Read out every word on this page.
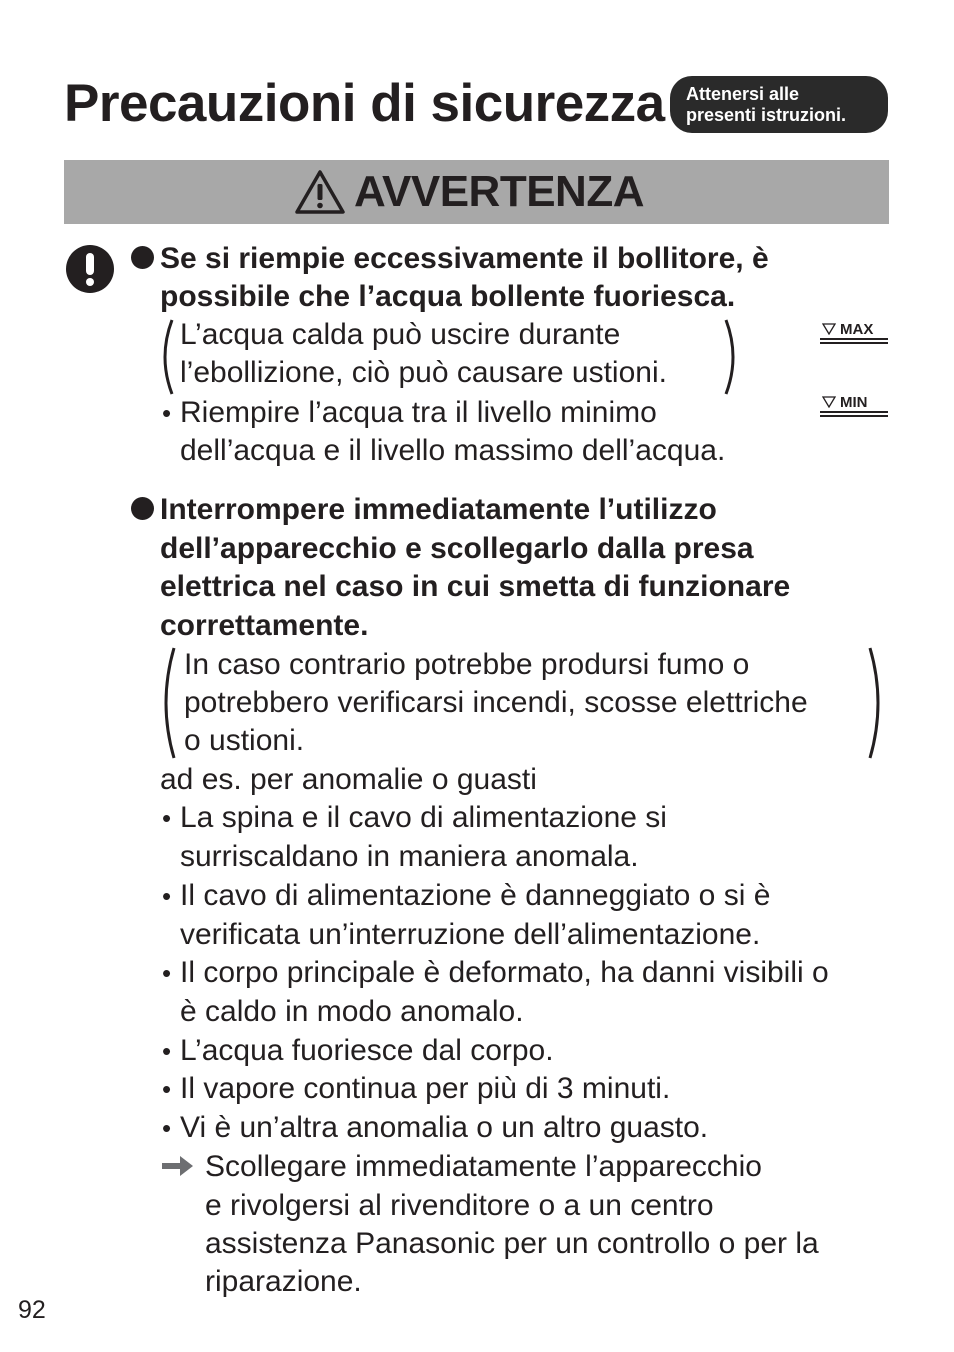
Precauzioni di sicurezza Attenersi alle
presenti istruzioni.
AVVERTENZA
Se si riempie eccessivamente il bollitore, è
possibile che l’acqua bollente fuoriesca.
L’acqua calda può uscire durante
l’ebollizione, ciò può causare ustioni.
• Riempire l’acqua tra il livello minimo
dell’acqua e il livello massimo dell’acqua.
MAX
MIN
Interrompere immediatamente l’utilizzo
dell’apparecchio e scollegarlo dalla presa
elettrica nel caso in cui smetta di funzionare
correttamente.
In caso contrario potrebbe prodursi fumo o
potrebbero verificarsi incendi, scosse elettriche
o ustioni.
ad es. per anomalie o guasti
• La spina e il cavo di alimentazione si
surriscaldano in maniera anomala.
• Il cavo di alimentazione è danneggiato o si è
verificata un’interruzione dell’alimentazione.
• Il corpo principale è deformato, ha danni visibili o
è caldo in modo anomalo.
• L’acqua fuoriesce dal corpo.
• Il vapore continua per più di 3 minuti.
• Vi è un’altra anomalia o un altro guasto.
Scollegare immediatamente l’apparecchio
e rivolgersi al rivenditore o a un centro
assistenza Panasonic per un controllo o per la
riparazione.
92
